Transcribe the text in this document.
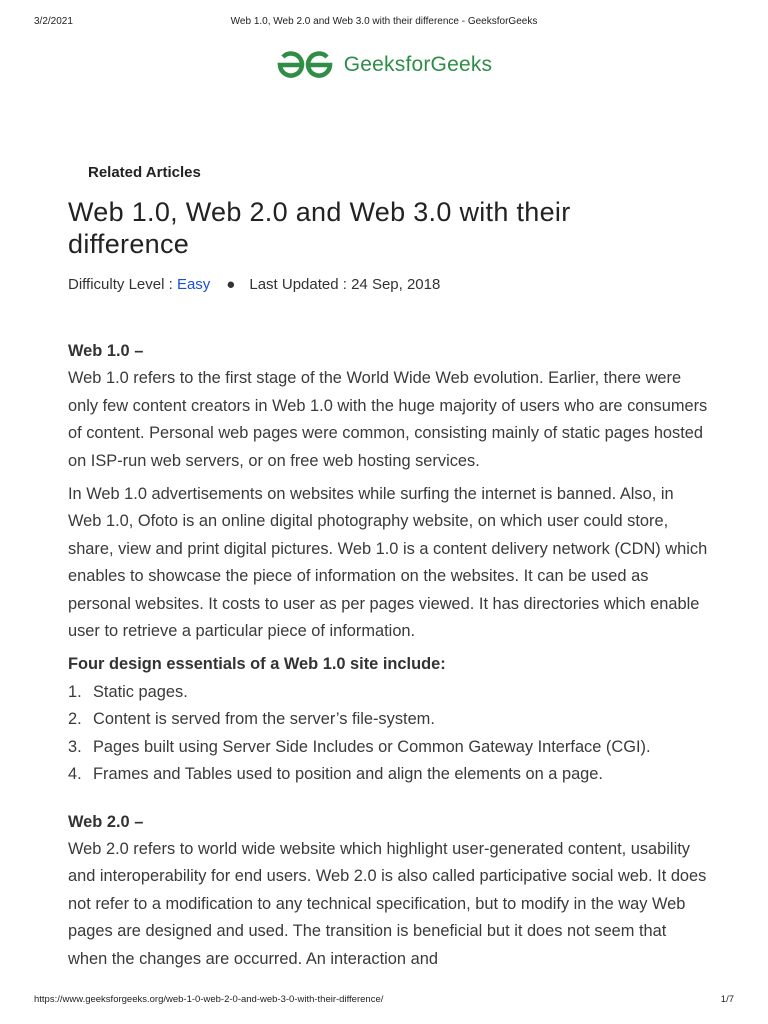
3/2/2021	Web 1.0, Web 2.0 and Web 3.0 with their difference - GeeksforGeeks
GeeksforGeeks
Related Articles
Web 1.0, Web 2.0 and Web 3.0 with their difference
Difficulty Level : Easy ● Last Updated : 24 Sep, 2018
Web 1.0 –

Web 1.0 refers to the first stage of the World Wide Web evolution. Earlier, there were only few content creators in Web 1.0 with the huge majority of users who are consumers of content. Personal web pages were common, consisting mainly of static pages hosted on ISP-run web servers, or on free web hosting services.

In Web 1.0 advertisements on websites while surfing the internet is banned. Also, in Web 1.0, Ofoto is an online digital photography website, on which user could store, share, view and print digital pictures. Web 1.0 is a content delivery network (CDN) which enables to showcase the piece of information on the websites. It can be used as personal websites. It costs to user as per pages viewed. It has directories which enable user to retrieve a particular piece of information.

Four design essentials of a Web 1.0 site include:
1. Static pages.
2. Content is served from the server’s file-system.
3. Pages built using Server Side Includes or Common Gateway Interface (CGI).
4. Frames and Tables used to position and align the elements on a page.
Web 2.0 –

Web 2.0 refers to world wide website which highlight user-generated content, usability and interoperability for end users. Web 2.0 is also called participative social web. It does not refer to a modification to any technical specification, but to modify in the way Web pages are designed and used. The transition is beneficial but it does not seem that when the changes are occurred. An interaction and

https://www.geeksforgeeks.org/web-1-0-web-2-0-and-web-3-0-with-their-difference/	1/7
